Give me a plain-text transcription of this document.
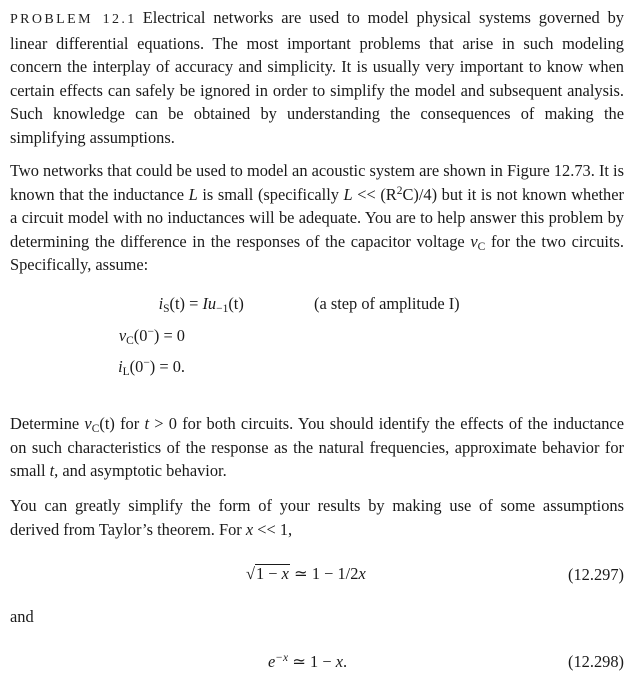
PROBLEM 12.1 Electrical networks are used to model physical systems governed by linear differential equations. The most important problems that arise in such modeling concern the interplay of accuracy and simplicity. It is usually very important to know when certain effects can safely be ignored in order to simplify the model and subsequent analysis. Such knowledge can be obtained by understanding the consequences of making the simplifying assumptions.

Two networks that could be used to model an acoustic system are shown in Figure 12.73. It is known that the inductance L is small (specifically $L << (R^2C)/4$) but it is not known whether a circuit model with no inductances will be adequate. You are to help answer this problem by determining the difference in the responses of the capacitor voltage $v_C$ for the two circuits. Specifically, assume:

$i_S(t) = Iu_{-1}(t)$	(a step of amplitude I)
$v_C(0^-) = 0$
$i_L(0^-) = 0$.

Determine $v_C(t)$ for t > 0 for both circuits. You should identify the effects of the inductance on such characteristics of the response as the natural frequencies, approximate behavior for small t, and asymptotic behavior.

You can greatly simplify the form of your results by making use of some assumptions derived from Taylor’s theorem. For x << 1,

√1 − x ≃ 1 − 1/2x	(12.297)
and
$e^{-x}$ ≃ 1 − x.	(12.298)
